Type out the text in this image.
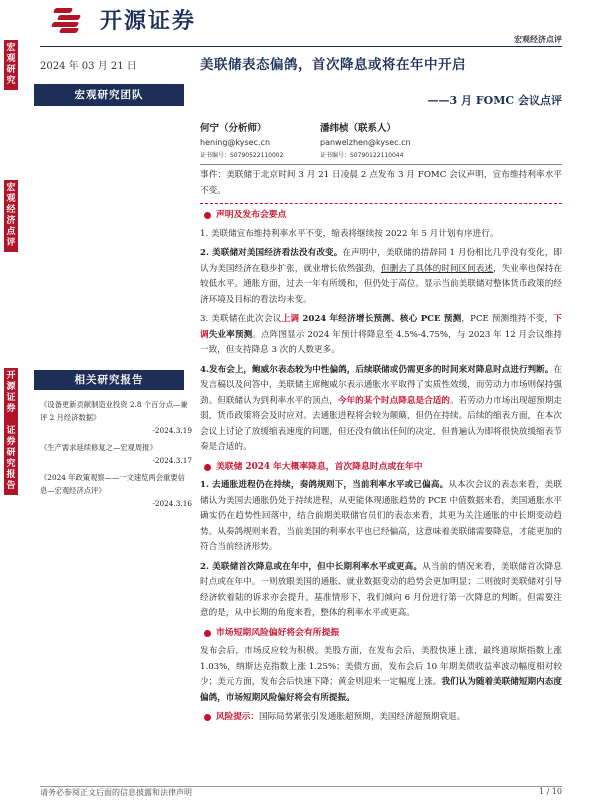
宏
观
研
究
宏
观
经
济
点
评
开
源
证
券

证
券
研
究
报
告
开源证券
宏观经济点评
2024 年 03 月 21 日	美联储表态偏鸽，首次降息或将在年中开启
——3 月 FOMC 会议点评
宏观研究团队
何宁（分析师）
hening@kysec.cn
证书编号：S0790522110002
潘纬桢（联系人）
panweizhen@kysec.cn
证书编号：S0790122110044

事件：美联储于北京时间 3 月 21 日凌晨 2 点发布 3 月 FOMC 会议声明，宣布维持利率水平不变。

声明及发布会要点

1. 美联储宣布维持利率水平不变，缩表将继续按 2022 年 5 月计划有序进行。

2. 美联储对美国经济看法没有改变。在声明中，美联储的措辞同 1 月份相比几乎没有变化，即认为美国经济在稳步扩张，就业增长依然强劲，但删去了具体的时间区间表述，失业率也保持在较低水平。通胀方面，过去一年有所缓和，但仍处于高位。显示当前美联储对整体货币政策的经济环境及目标的看法均未变。

3. 美联储在此次会议上调 2024 年经济增长预测、核心 PCE 预测，PCE 预测维持不变，下调失业率预测。点阵图显示 2024 年预计将降息至 4.5%-4.75%，与 2023 年 12 月会议维持一致，但支持降息 3 次的人数更多。

4.发布会上，鲍威尔表态较为中性偏鸽，后续联储或仍需更多的时间来对降息时点进行判断。在发言稿以及问答中，美联储主席鲍威尔表示通胀水平取得了实质性效缓，而劳动力市场则保持强劲。但联储认为到利率水平的顶点，今年的某个时点降息是合适的。若劳动力市场出现超预期走弱，货币政策将会及时应对。去通胀进程将会较为颠簸，但仍在持续。后续的缩表方面，在本次会议上讨论了放缓缩表速度的问题，但还没有做出任何的决定，但普遍认为即将很快放缓缩表节奏是合适的。

美联储 2024 年大概率降息，首次降息时点或在年中

1. 去通胀进程仍在持续，奏鸽规则下，当前利率水平或已偏高。从本次会议的表态来看，美联储认为美国去通胀仍处于持续进程，从更能体现通胀趋势的 PCE 中值数据来看，美国通胀水平确实仍在趋势性回落中，结合前期美联储官员们的表态来看，其更为关注通胀的中长期变动趋势。从奏鸽规则来看，当前美国的利率水平也已经偏高，这意味着美联储需要降息，才能更加的符合当前经济形势。

2. 美联储首次降息或在年中，但中长期利率水平或更高。从当前的情况来看，美联储首次降息时点或在年中。一则放眼美国的通胀、就业数据变动的趋势会更加明显；二则彼时美联储对引导经济软着陆的诉求亦会提升。基准情形下，我们倾向 6 月份进行第一次降息的判断。但需要注意的是，从中长期的角度来看，整体的利率水平或更高。

市场短期风险偏好将会有所提振

发布会后，市场反应较为积极。美股方面，在发布会后，美股快速上涨，最终道琼斯指数上涨 1.03%，纳斯达克指数上涨 1.25%；美债方面，发布会后 10 年期美债收益率波动幅度相对较少；美元方面，发布会后快速下降；黄金则迎来一定幅度上涨。我们认为随着美联储短期内态度偏鸽，市场短期风险偏好将会有所提振。

风险提示：国际局势紧张引发通胀超预期，美国经济超预期衰退。

相关研究报告
《设备更新贡献制造业投资 2.8 个百分点—兼评 2 月经济数据》
-2024.3.19
《生产需求延续修复之—宏观周报》
-2024.3.17
《2024 年政策观察——一文速览两会重要信息—宏观经济点评》
-2024.3.16
请务必参阅正文后面的信息披露和法律声明	1 / 10
